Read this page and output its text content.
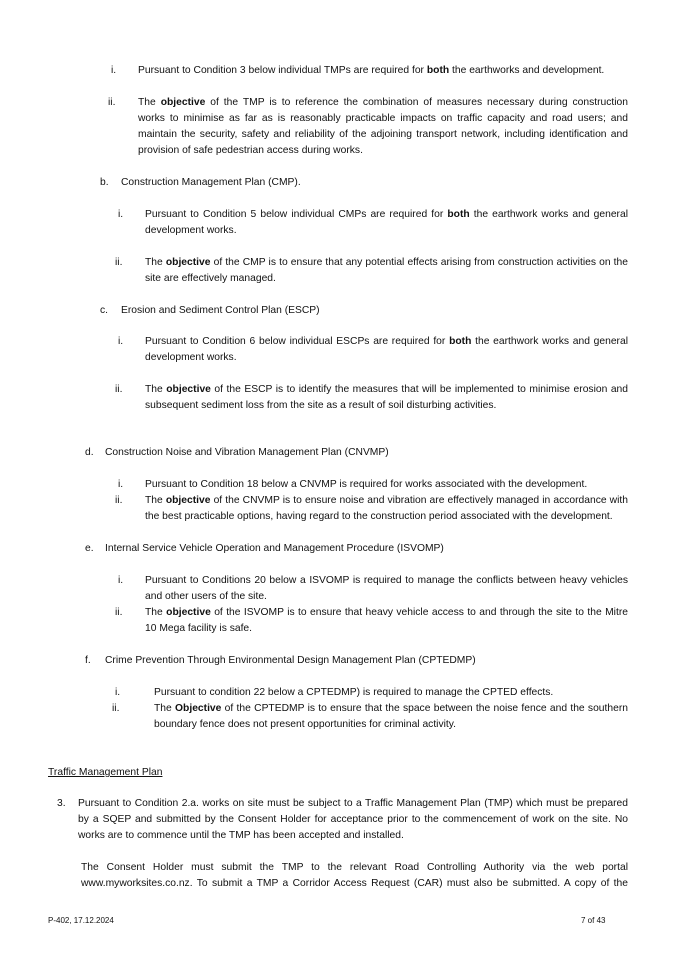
i. Pursuant to Condition 3 below individual TMPs are required for both the earthworks and development.
ii. The objective of the TMP is to reference the combination of measures necessary during construction works to minimise as far as is reasonably practicable impacts on traffic capacity and road users; and maintain the security, safety and reliability of the adjoining transport network, including identification and provision of safe pedestrian access during works.
b. Construction Management Plan (CMP).
i. Pursuant to Condition 5 below individual CMPs are required for both the earthwork works and general development works.
ii. The objective of the CMP is to ensure that any potential effects arising from construction activities on the site are effectively managed.
c. Erosion and Sediment Control Plan (ESCP)
i. Pursuant to Condition 6 below individual ESCPs are required for both the earthwork works and general development works.
ii. The objective of the ESCP is to identify the measures that will be implemented to minimise erosion and subsequent sediment loss from the site as a result of soil disturbing activities.
d. Construction Noise and Vibration Management Plan (CNVMP)
i. Pursuant to Condition 18 below a CNVMP is required for works associated with the development.
ii. The objective of the CNVMP is to ensure noise and vibration are effectively managed in accordance with the best practicable options, having regard to the construction period associated with the development.
e. Internal Service Vehicle Operation and Management Procedure (ISVOMP)
i. Pursuant to Conditions 20 below a ISVOMP is required to manage the conflicts between heavy vehicles and other users of the site.
ii. The objective of the ISVOMP is to ensure that heavy vehicle access to and through the site to the Mitre 10 Mega facility is safe.
f. Crime Prevention Through Environmental Design Management Plan (CPTEDMP)
i.	Pursuant to condition 22 below a CPTEDMP) is required to manage the CPTED effects.
ii.	The Objective of the CPTEDMP is to ensure that the space between the noise fence and the southern boundary fence does not present opportunities for criminal activity.
Traffic Management Plan
3. Pursuant to Condition 2.a. works on site must be subject to a Traffic Management Plan (TMP) which must be prepared by a SQEP and submitted by the Consent Holder for acceptance prior to the commencement of work on the site. No works are to commence until the TMP has been accepted and installed.
The Consent Holder must submit the TMP to the relevant Road Controlling Authority via the web portal www.myworksites.co.nz. To submit a TMP a Corridor Access Request (CAR) must also be submitted. A copy of the
P-402, 17.12.2024	7 of 43
